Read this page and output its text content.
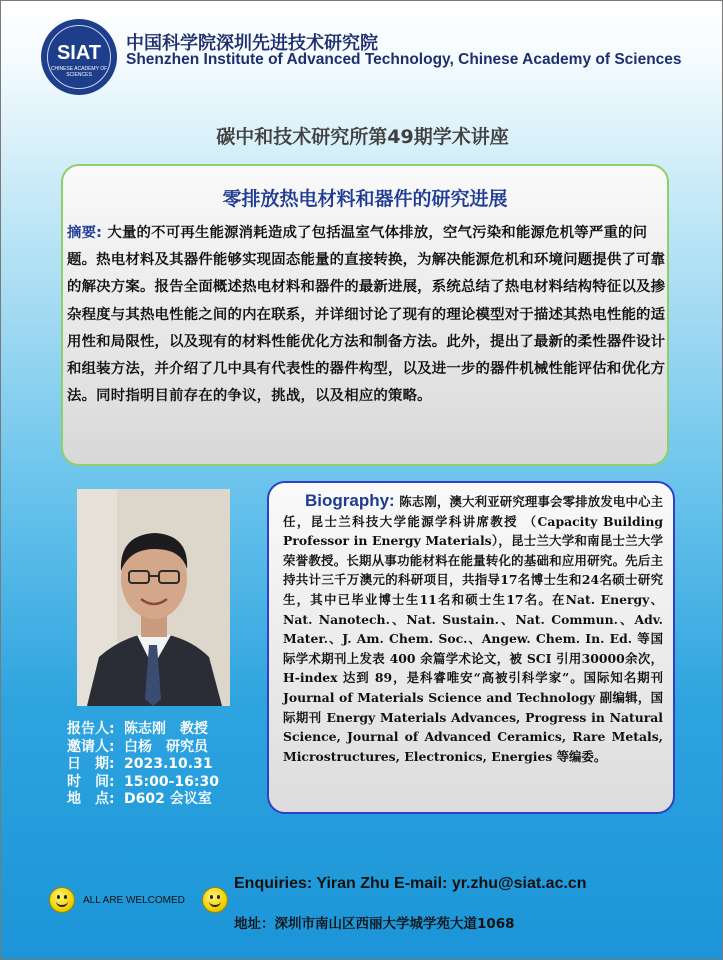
SIAT
CHINESE ACADEMY OF SCIENCES
中国科学院深圳先进技术研究院
Shenzhen Institute of Advanced Technology, Chinese Academy of Sciences
碳中和技术研究所第49期学术讲座
零排放热电材料和器件的研究进展

摘要: 大量的不可再生能源消耗造成了包括温室气体排放，空气污染和能源危机等严重的问题。热电材料及其器件能够实现固态能量的直接转换，为解决能源危机和环境问题提供了可靠的解决方案。报告全面概述热电材料和器件的最新进展，系统总结了热电材料结构特征以及掺杂程度与其热电性能之间的内在联系，并详细讨论了现有的理论模型对于描述其热电性能的适用性和局限性，以及现有的材料性能优化方法和制备方法。此外，提出了最新的柔性器件设计和组装方法，并介绍了几中具有代表性的器件构型，以及进一步的器件机械性能评估和优化方法。同时指明目前存在的争议，挑战，以及相应的策略。

报告人: 陈志刚　教授
邀请人: 白杨　研究员
日　期: 2023.10.31
时　间: 15:00-16:30
地　点: D602 会议室

Biography: 陈志刚，澳大利亚研究理事会零排放发电中心主任，昆士兰科技大学能源学科讲席教授 （Capacity Building Professor in Energy Materials），昆士兰大学和南昆士兰大学荣誉教授。长期从事功能材料在能量转化的基础和应用研究。先后主持共计三千万澳元的科研项目，共指导17名博士生和24名硕士研究生，其中已毕业博士生11名和硕士生17名。在Nat. Energy、Nat. Nanotech.、Nat. Sustain.、Nat. Commun.、Adv. Mater.、J. Am. Chem. Soc.、Angew. Chem. In. Ed. 等国际学术期刊上发表 400 余篇学术论文，被 SCI 引用30000余次，H-index 达到 89，是科睿唯安“高被引科学家”。国际知名期刊Journal of Materials Science and Technology 副编辑，国际期刊 Energy Materials Advances, Progress in Natural Science, Journal of Advanced Ceramics, Rare Metals, Microstructures, Electronics, Energies 等编委。

ALL ARE WELCOMED
Enquiries: Yiran Zhu E-mail: yr.zhu@siat.ac.cn
地址：深圳市南山区西丽大学城学苑大道1068
